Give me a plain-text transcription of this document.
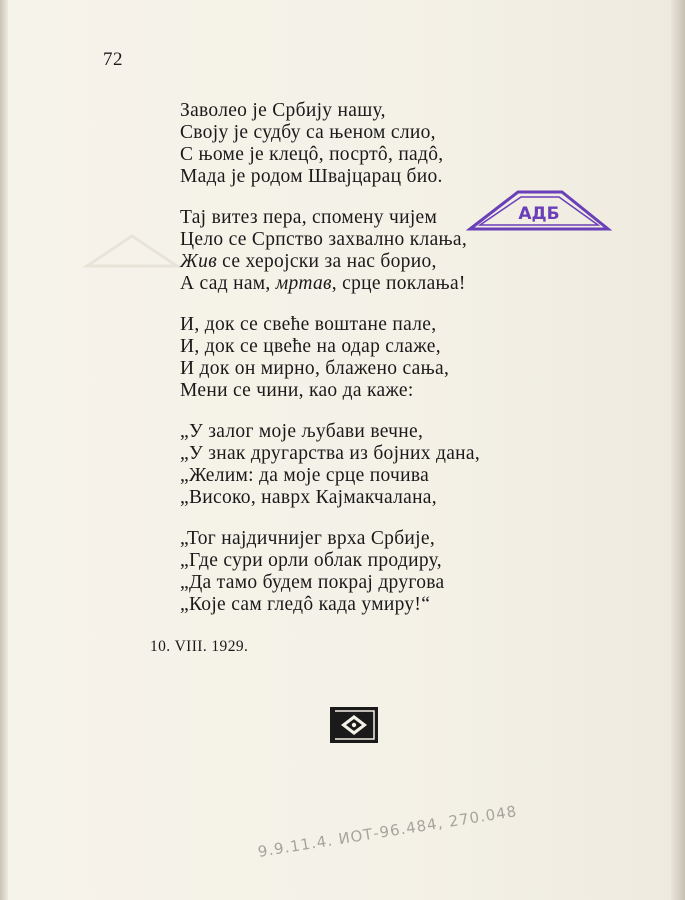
72
Заволео је Србију нашу,
Своју је судбу са њеном слио,
С њоме је клецô, посртô, падô,
Мада је родом Швајцарац био.
Тај витез пера, спомену чијем
Цело се Српство захвално клања,
Жив се херојски за нас борио,
А сад нам, мртав, срце поклања!
И, док се свеће воштане пале,
И, док се цвеће на одар слаже,
И док он мирно, блажено сања,
Мени се чини, као да каже:
„У залог моје љубави вечне,
„У знак другарства из бојних дана,
„Желим: да моје срце почива
„Високо, наврх Кајмакчалана,
„Тог најдичнијег врха Србије,
„Где сури орли облак продиру,
„Да тамо будем покрај другова
„Које сам гледô када умиру!“
10. VIII. 1929.
АДБ
9.9.11.4. ИОТ-96.484, 270.048
